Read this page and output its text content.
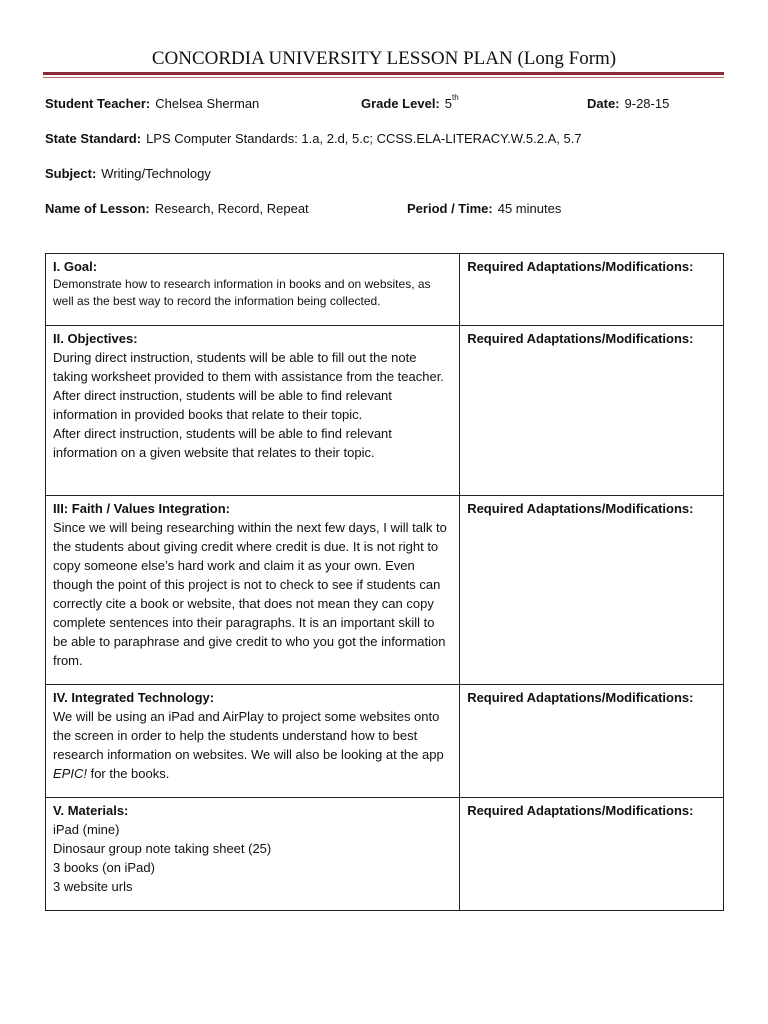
CONCORDIA UNIVERSITY LESSON PLAN (Long Form)
Student Teacher: Chelsea Sherman	Grade Level: 5th	Date: 9-28-15
State Standard: LPS Computer Standards: 1.a, 2.d, 5.c; CCSS.ELA-LITERACY.W.5.2.A, 5.7
Subject: Writing/Technology
Name of Lesson: Research, Record, Repeat	Period / Time: 45 minutes
I. Goal:
Demonstrate how to research information in books and on websites, as well as the best way to record the information being collected.	Required Adaptations/Modifications:

II. Objectives:
During direct instruction, students will be able to fill out the note taking worksheet provided to them with assistance from the teacher.
After direct instruction, students will be able to find relevant information in provided books that relate to their topic.
After direct instruction, students will be able to find relevant information on a given website that relates to their topic.	Required Adaptations/Modifications:

III: Faith / Values Integration:
Since we will being researching within the next few days, I will talk to the students about giving credit where credit is due. It is not right to copy someone else’s hard work and claim it as your own. Even though the point of this project is not to check to see if students can correctly cite a book or website, that does not mean they can copy complete sentences into their paragraphs. It is an important skill to be able to paraphrase and give credit to who you got the information from.	Required Adaptations/Modifications:

IV. Integrated Technology:
We will be using an iPad and AirPlay to project some websites onto the screen in order to help the students understand how to best research information on websites. We will also be looking at the app EPIC! for the books.	Required Adaptations/Modifications:

V. Materials:
iPad (mine)
Dinosaur group note taking sheet (25)
3 books (on iPad)
3 website urls	Required Adaptations/Modifications:
